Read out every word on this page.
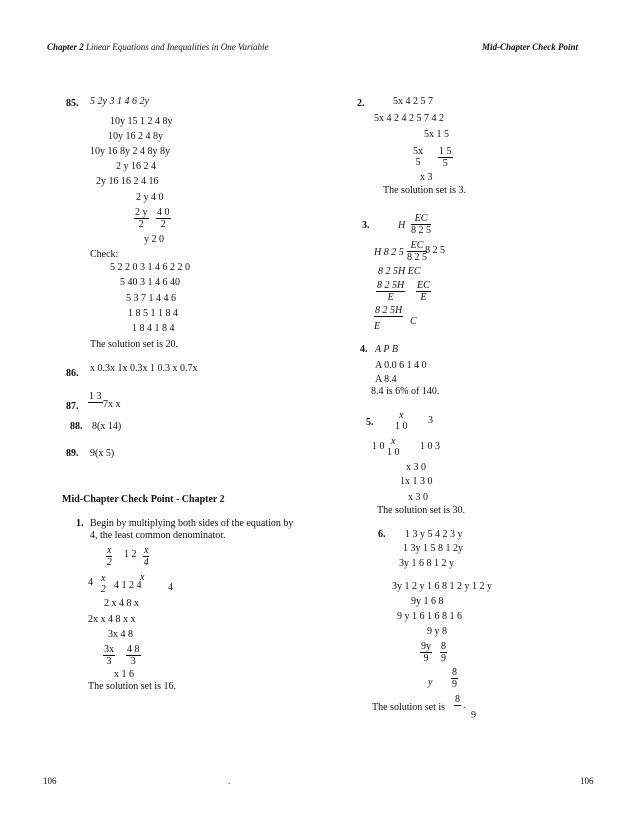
Chapter 2 Linear Equations and Inequalities in One Variable	Mid-Chapter Check Point
85. 5 2y 3 1 4 6 2y
10y 15 1 2 4 8y
10y 16 2 4 8y
10y 16 8y 2 4 8y 8y
2 y 16 2 4
2y 16 16 2 4 16
2 y 4 0
2 y
2
4 0
2
y 2 0
Check:
5 2 2 0 3 1 4 6 2 2 0
5 40 3 1 4 6 40
5 3 7 1 4 4 6
1 8 5 1 1 8 4
1 8 4 1 8 4
The solution set is 20.
86. x 0.3x 1x 0.3x 1 0.3 x 0.7x
87.
1 3
7x x
88. 8(x 14)
89. 9(x 5)
Mid-Chapter Check Point - Chapter 2
1. Begin by multiplying both sides of the equation by
4, the least common denominator.
x
2
1 2 x
4
4 x
2 4 1 2 4
x
4
2 x 4 8 x
2x x 4 8 x x
3x 4 8
3x
3
4 8
3
x 1 6
The solution set is 16.
2.	5x 4 2 5 7
5x 4 2 4 2 5 7 4 2
5x 1 5
5x
5
1 5
5
x 3
The solution set is 3.
3.	H
EC
8 2 5
H 8 2 5
EC
8 2 5
8 2 5
8 2 5H EC
8 2 5H
E
EC
E
8 2 5H
E	C
4. A P B
A 0.0 6 1 4 0
A 8.4
8.4 is 6% of 140.
5.
x
1 0
3
1 0 x
1 0
1 0 3
x 3 0
1x 1 3 0
x 3 0
The solution set is 30.
6. 1 3 y 5 4 2 3 y
1 3y 1 5 8 1 2y
3y 1 6 8 1 2 y
3y 1 2 y 1 6 8 1 2 y 1 2 y
9y 1 6 8
9 y 1 6 1 6 8 1 6
9 y 8
9y
9
8
9
y
8
9
The solution set is
8
.
9
106	.	106
